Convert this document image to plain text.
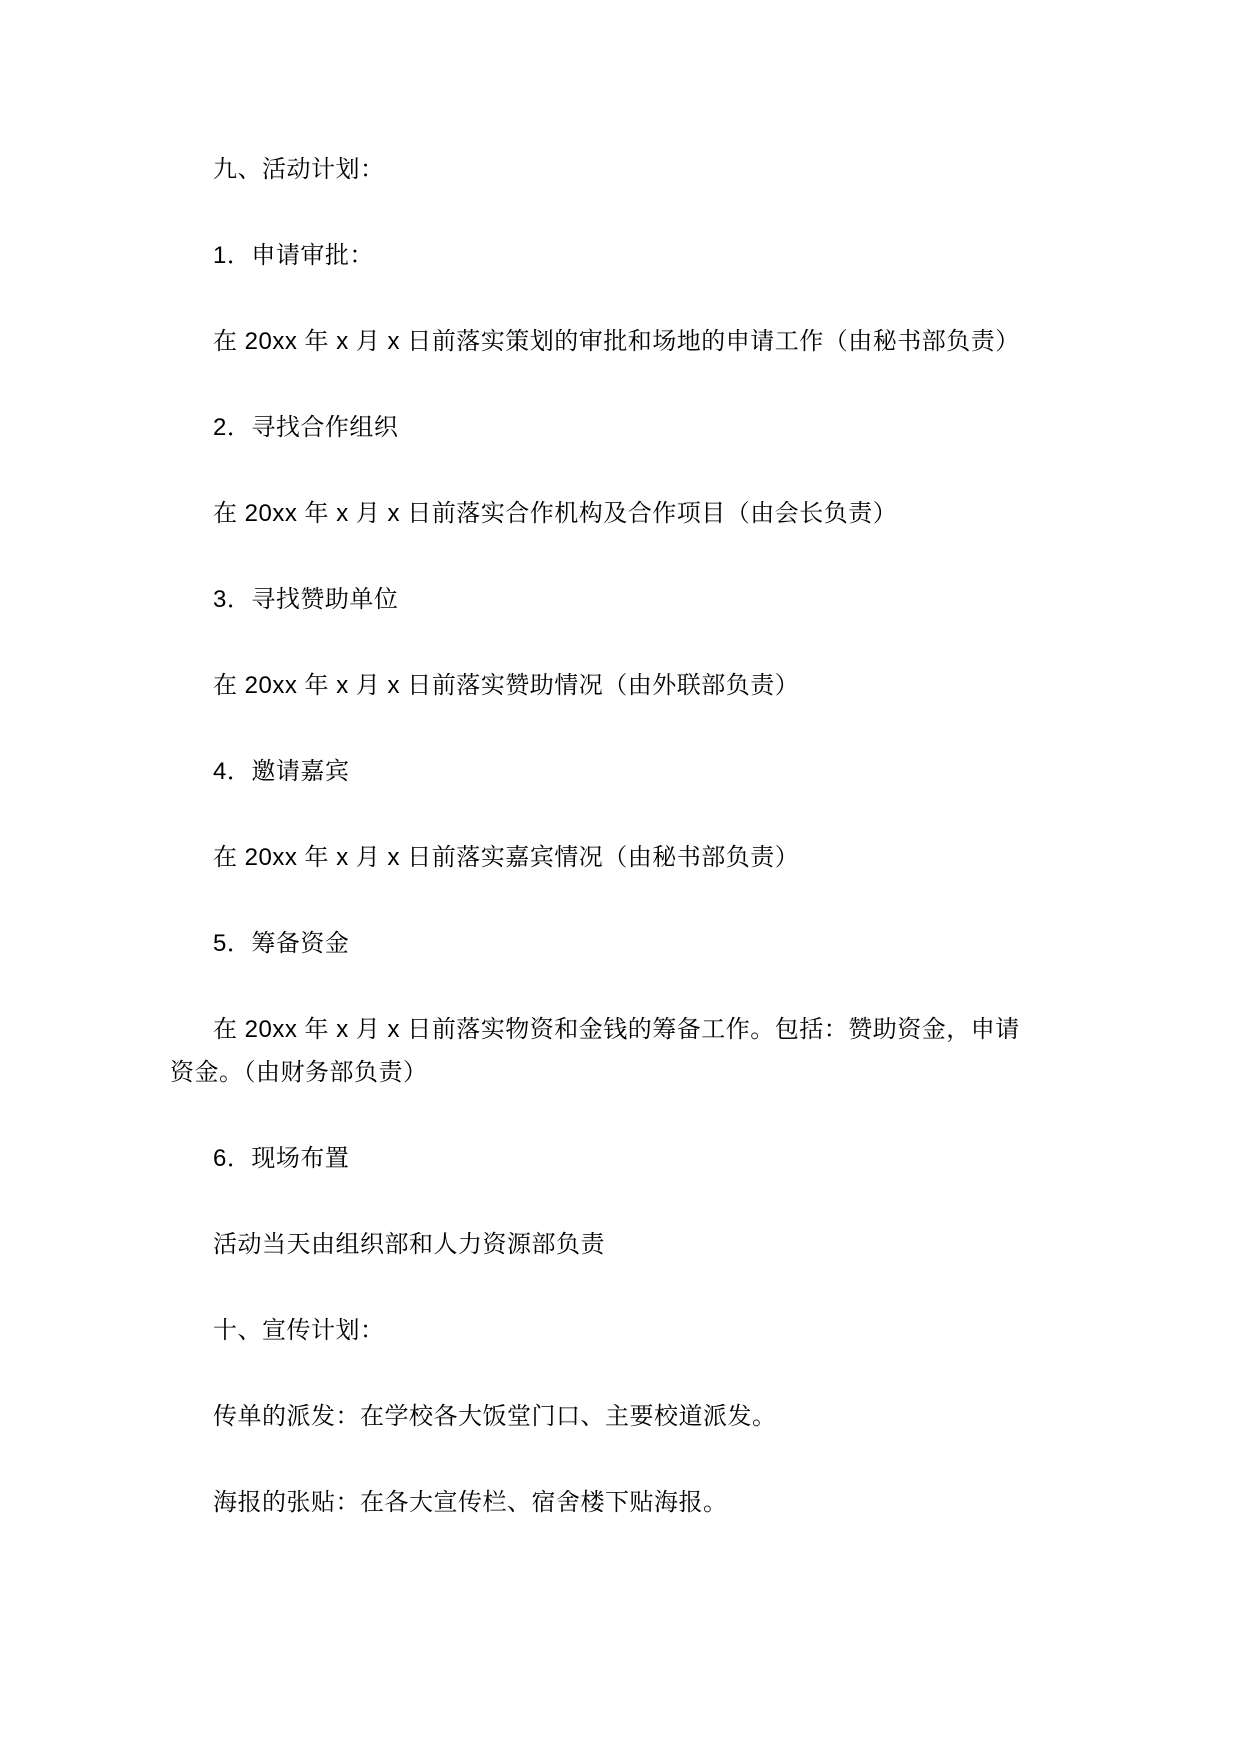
九、活动计划：
1．申请审批：
在 20xx 年 x 月 x 日前落实策划的审批和场地的申请工作（由秘书部负责）
2．寻找合作组织
在 20xx 年 x 月 x 日前落实合作机构及合作项目（由会长负责）
3．寻找赞助单位
在 20xx 年 x 月 x 日前落实赞助情况（由外联部负责）
4．邀请嘉宾
在 20xx 年 x 月 x 日前落实嘉宾情况（由秘书部负责）
5．筹备资金
在 20xx 年 x 月 x 日前落实物资和金钱的筹备工作。包括：赞助资金，申请
资金。（由财务部负责）
6．现场布置
活动当天由组织部和人力资源部负责
十、宣传计划：
传单的派发：在学校各大饭堂门口、主要校道派发。
海报的张贴：在各大宣传栏、宿舍楼下贴海报。
